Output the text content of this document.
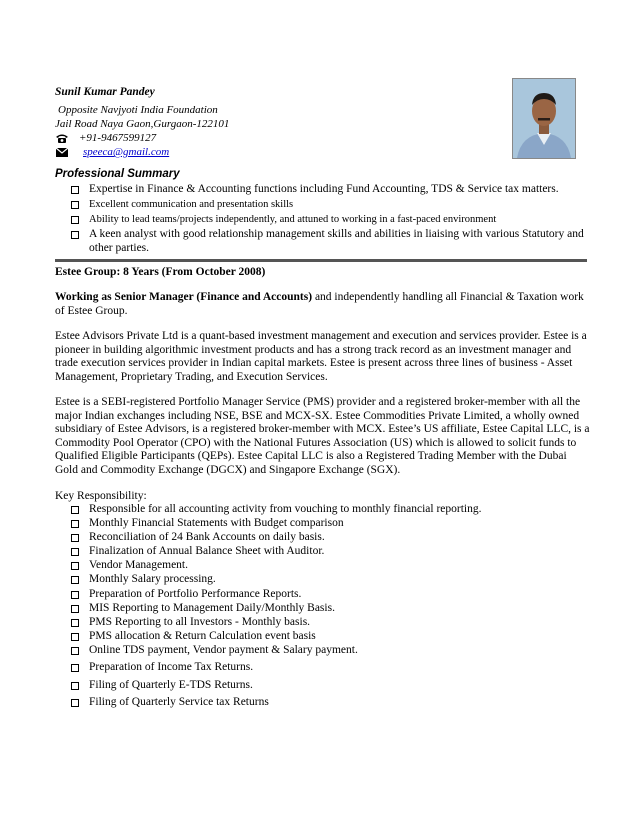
Sunil Kumar Pandey
Opposite Navjyoti India Foundation
Jail Road Naya Gaon,Gurgaon-122101
+91-9467599127
speeca@gmail.com
Professional Summary
Expertise in Finance & Accounting functions including Fund Accounting, TDS & Service tax matters.
Excellent communication and presentation skills
Ability to lead teams/projects independently, and attuned to working in a fast-paced environment
A keen analyst with good relationship management skills and abilities in liaising with various Statutory and other parties.
Estee Group: 8 Years (From October 2008)

Working as Senior Manager (Finance and Accounts) and independently handling all Financial & Taxation work of Estee Group.

Estee Advisors Private Ltd is a quant-based investment management and execution and services provider. Estee is a pioneer in building algorithmic investment products and has a strong track record as an investment manager and trade execution services provider in Indian capital markets. Estee is present across three lines of business - Asset Management, Proprietary Trading, and Execution Services.

Estee is a SEBI-registered Portfolio Manager Service (PMS) provider and a registered broker-member with all the major Indian exchanges including NSE, BSE and MCX-SX. Estee Commodities Private Limited, a wholly owned subsidiary of Estee Advisors, is a registered broker-member with MCX. Estee’s US affiliate, Estee Capital LLC, is a Commodity Pool Operator (CPO) with the National Futures Association (US) which is allowed to solicit funds to Qualified Eligible Participants (QEPs). Estee Capital LLC is also a Registered Trading Member with the Dubai Gold and Commodity Exchange (DGCX) and Singapore Exchange (SGX).

Key Responsibility:
Responsible for all accounting activity from vouching to monthly financial reporting.
Monthly Financial Statements with Budget comparison
Reconciliation of 24 Bank Accounts on daily basis.
Finalization of Annual Balance Sheet with Auditor.
Vendor Management.
Monthly Salary processing.
Preparation of Portfolio Performance Reports.
MIS Reporting to Management Daily/Monthly Basis.
PMS Reporting to all Investors - Monthly basis.
PMS allocation & Return Calculation event basis
Online TDS payment, Vendor payment & Salary payment.
Preparation of Income Tax Returns.
Filing of Quarterly E-TDS Returns.
Filing of Quarterly Service tax Returns
